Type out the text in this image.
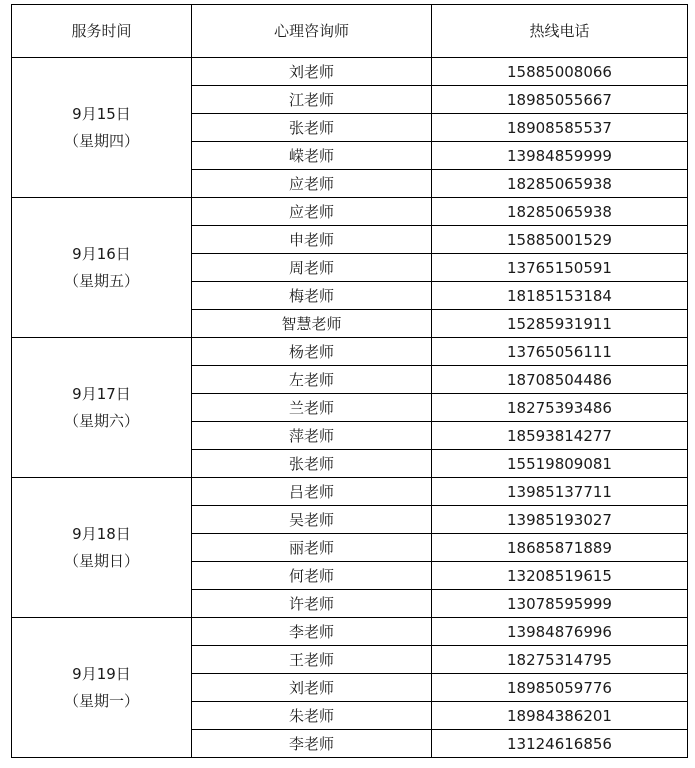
服务时间	心理咨询师	热线电话

9月15日
（星期四）	刘老师	15885008066
	江老师	18985055667
	张老师	18908585537
	嵘老师	13984859999
	应老师	18285065938

9月16日
（星期五）	应老师	18285065938
	申老师	15885001529
	周老师	13765150591
	梅老师	18185153184
	智慧老师	15285931911

9月17日
（星期六）	杨老师	13765056111
	左老师	18708504486
	兰老师	18275393486
	萍老师	18593814277
	张老师	15519809081

9月18日
（星期日）	吕老师	13985137711
	吴老师	13985193027
	丽老师	18685871889
	何老师	13208519615
	许老师	13078595999

9月19日
（星期一）	李老师	13984876996
	王老师	18275314795
	刘老师	18985059776
	朱老师	18984386201
	李老师	13124616856
